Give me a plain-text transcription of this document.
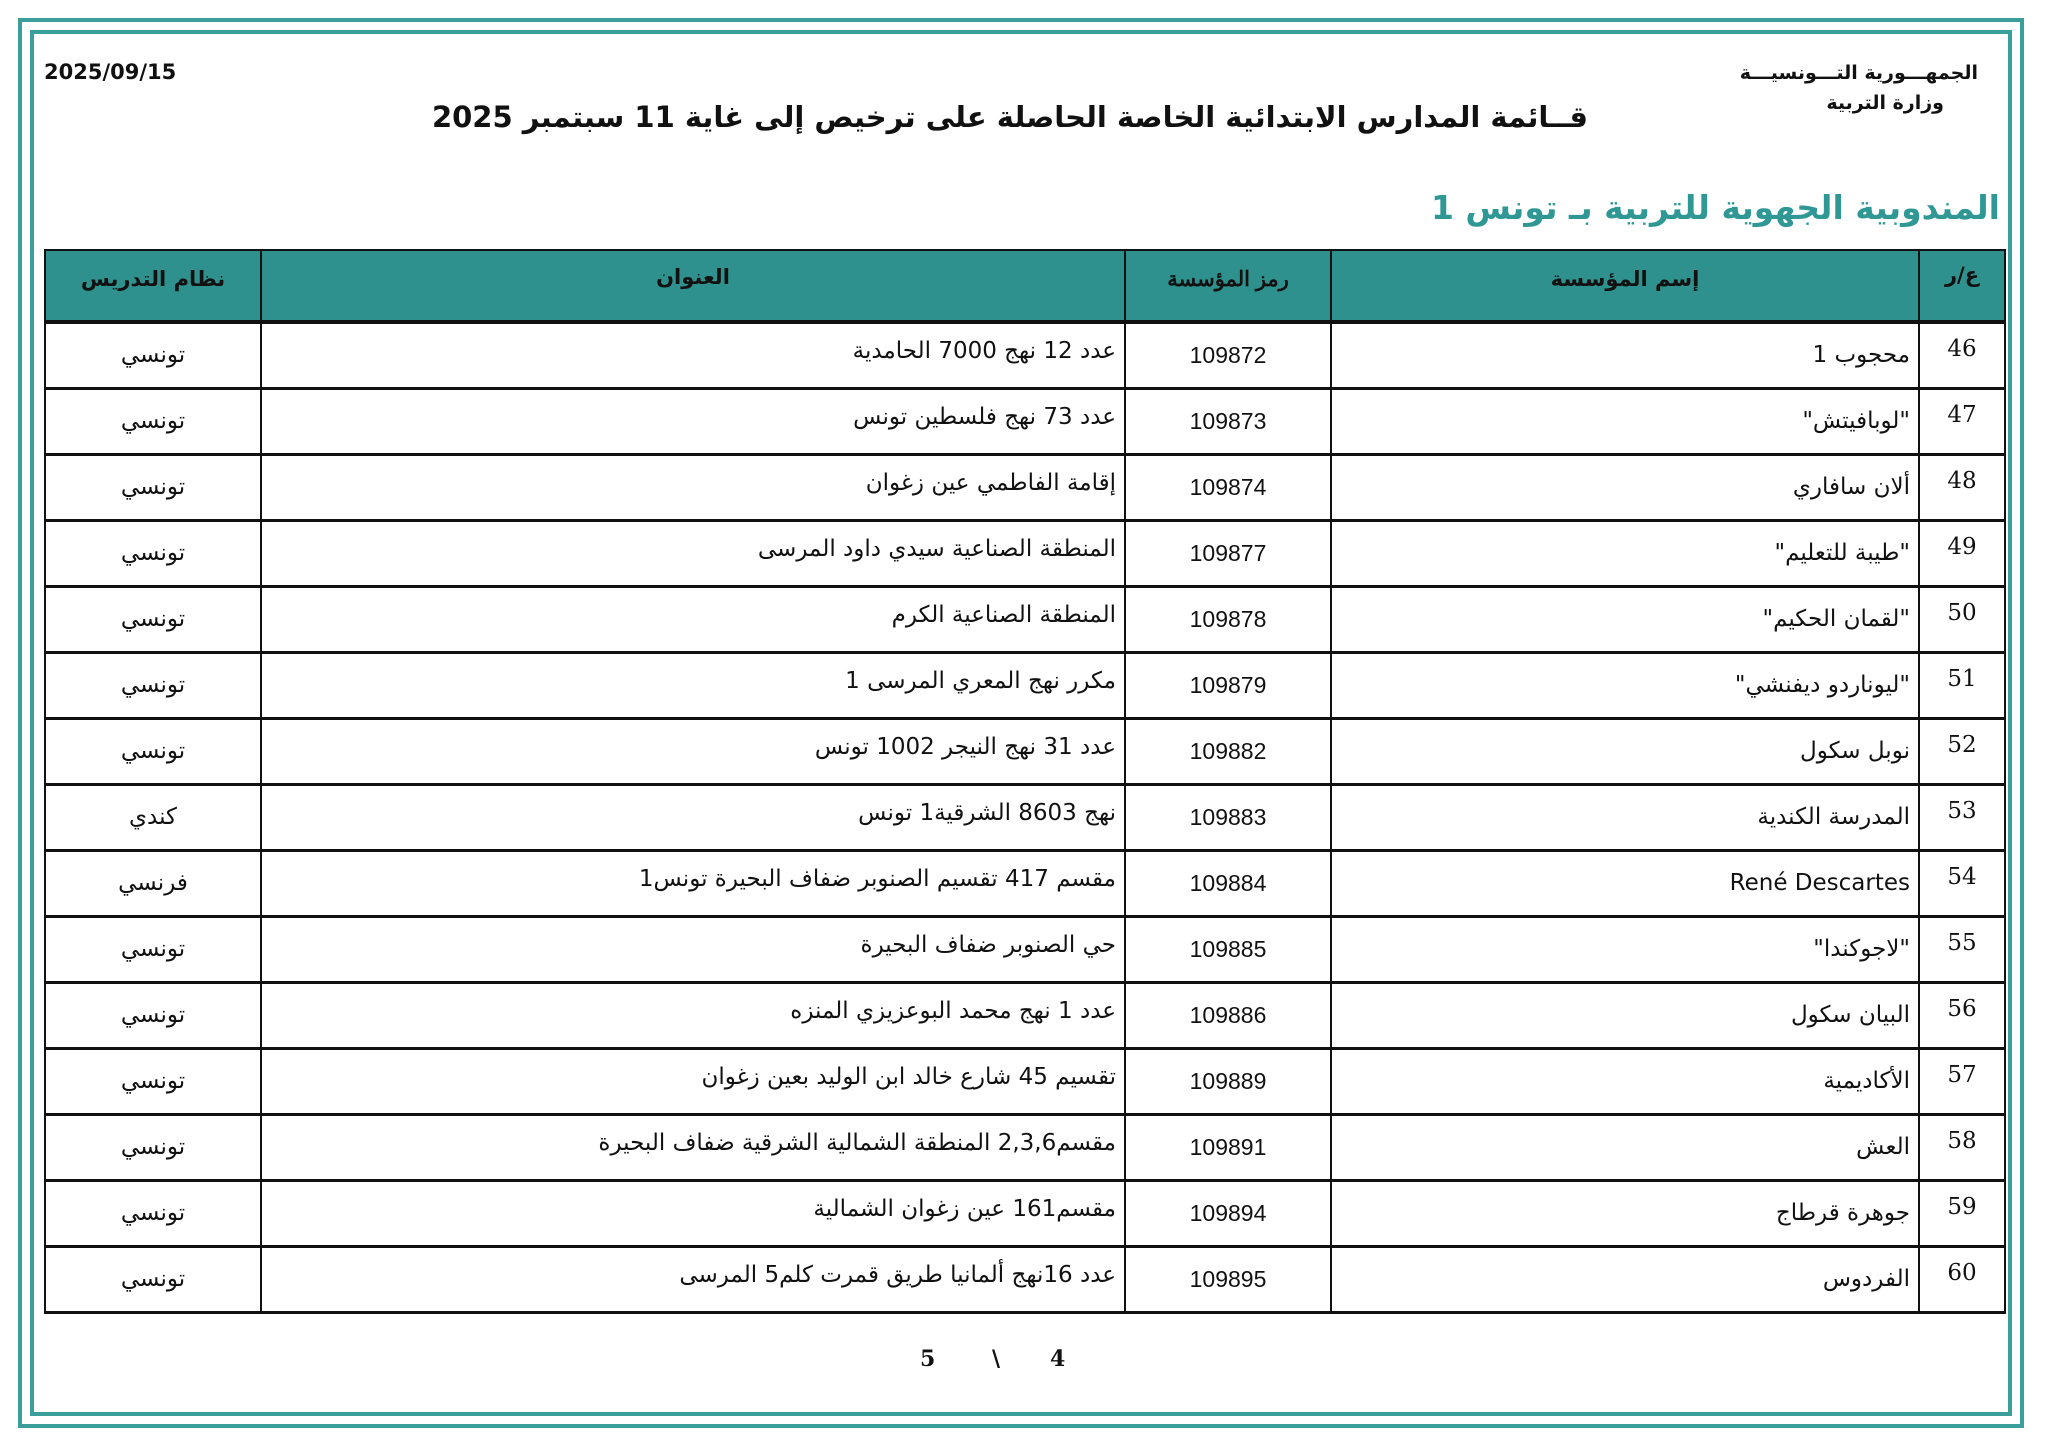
2025/09/15	الجمهـــورية التـــونسيـــة
وزارة التربية
قــائمة المدارس الابتدائية الخاصة الحاصلة على ترخيص إلى غاية 11 سبتمبر 2025
المندوبية الجهوية للتربية بـ تونس 1
ع/ر	إسم المؤسسة	رمز المؤسسة	العنوان	نظام التدريس
46	محجوب 1	109872	عدد 12 نهج 7000 الحامدية	تونسي
47	"لوبافيتش"	109873	عدد 73 نهج فلسطين تونس	تونسي
48	ألان سافاري	109874	إقامة الفاطمي عين زغوان	تونسي
49	"طيبة للتعليم"	109877	المنطقة الصناعية سيدي داود المرسى	تونسي
50	"لقمان الحكيم"	109878	المنطقة الصناعية الكرم	تونسي
51	"ليوناردو ديفنشي"	109879	مكرر نهج المعري المرسى 1	تونسي
52	نوبل سكول	109882	عدد 31 نهج النيجر 1002 تونس	تونسي
53	المدرسة الكندية	109883	نهج 8603 الشرقية1 تونس	كندي
54	René Descartes	109884	مقسم 417 تقسيم الصنوبر ضفاف البحيرة تونس1	فرنسي
55	"لاجوكندا"	109885	حي الصنوبر ضفاف البحيرة	تونسي
56	البيان سكول	109886	عدد 1 نهج محمد البوعزيزي المنزه	تونسي
57	الأكاديمية	109889	تقسيم 45 شارع خالد ابن الوليد بعين زغوان	تونسي
58	العش	109891	مقسم2,3,6 المنطقة الشمالية الشرقية ضفاف البحيرة	تونسي
59	جوهرة قرطاج	109894	مقسم161 عين زغوان الشمالية	تونسي
60	الفردوس	109895	عدد 16نهج ألمانيا طريق قمرت كلم5 المرسى	تونسي
4
\
5
